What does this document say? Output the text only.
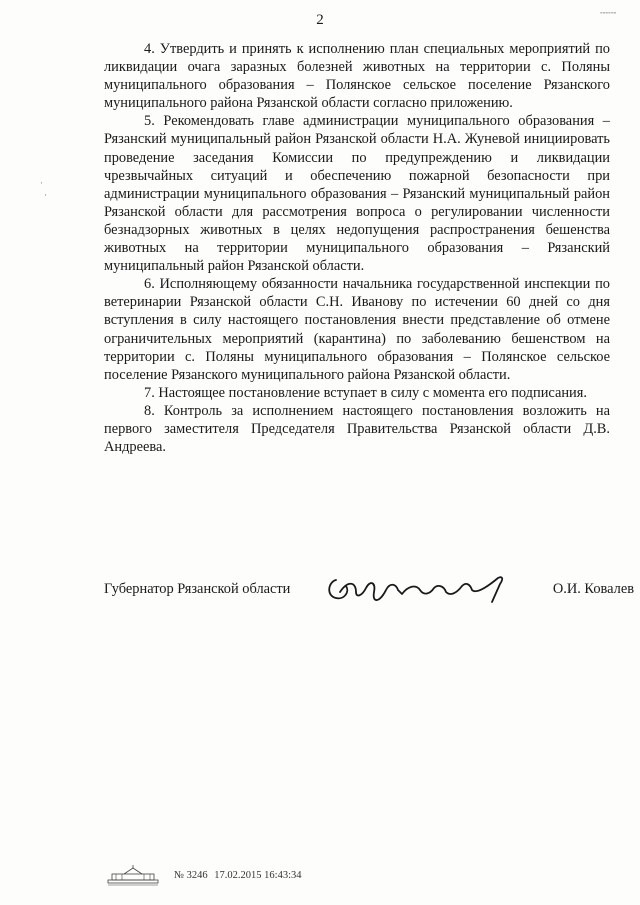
2	╌╌╌
·
·

4. Утвердить и принять к исполнению план специальных мероприятий по ликвидации очага заразных болезней животных на территории с. Поляны муниципального образования – Полянское сельское поселение Рязанского муниципального района Рязанской области согласно приложению.

5. Рекомендовать главе администрации муниципального образования – Рязанский муниципальный район Рязанской области Н.А. Жуневой инициировать проведение заседания Комиссии по предупреждению и ликвидации чрезвычайных ситуаций и обеспечению пожарной безопасности при администрации муниципального образования – Рязанский муниципальный район Рязанской области для рассмотрения вопроса о регулировании численности безнадзорных животных в целях недопущения распространения бешенства животных на территории муниципального образования – Рязанский муниципальный район Рязанской области.

6. Исполняющему обязанности начальника государственной инспекции по ветеринарии Рязанской области С.Н. Иванову по истечении 60 дней со дня вступления в силу настоящего постановления внести представление об отмене ограничительных мероприятий (карантина) по заболеванию бешенством на территории с. Поляны муниципального образования – Полянское сельское поселение Рязанского муниципального района Рязанской области.

7. Настоящее постановление вступает в силу с момента его подписания.

8. Контроль за исполнением настоящего постановления возложить на первого заместителя Председателя Правительства Рязанской области Д.В. Андреева.

Губернатор Рязанской области	О.И. Ковалев
№ 3246 17.02.2015 16:43:34
